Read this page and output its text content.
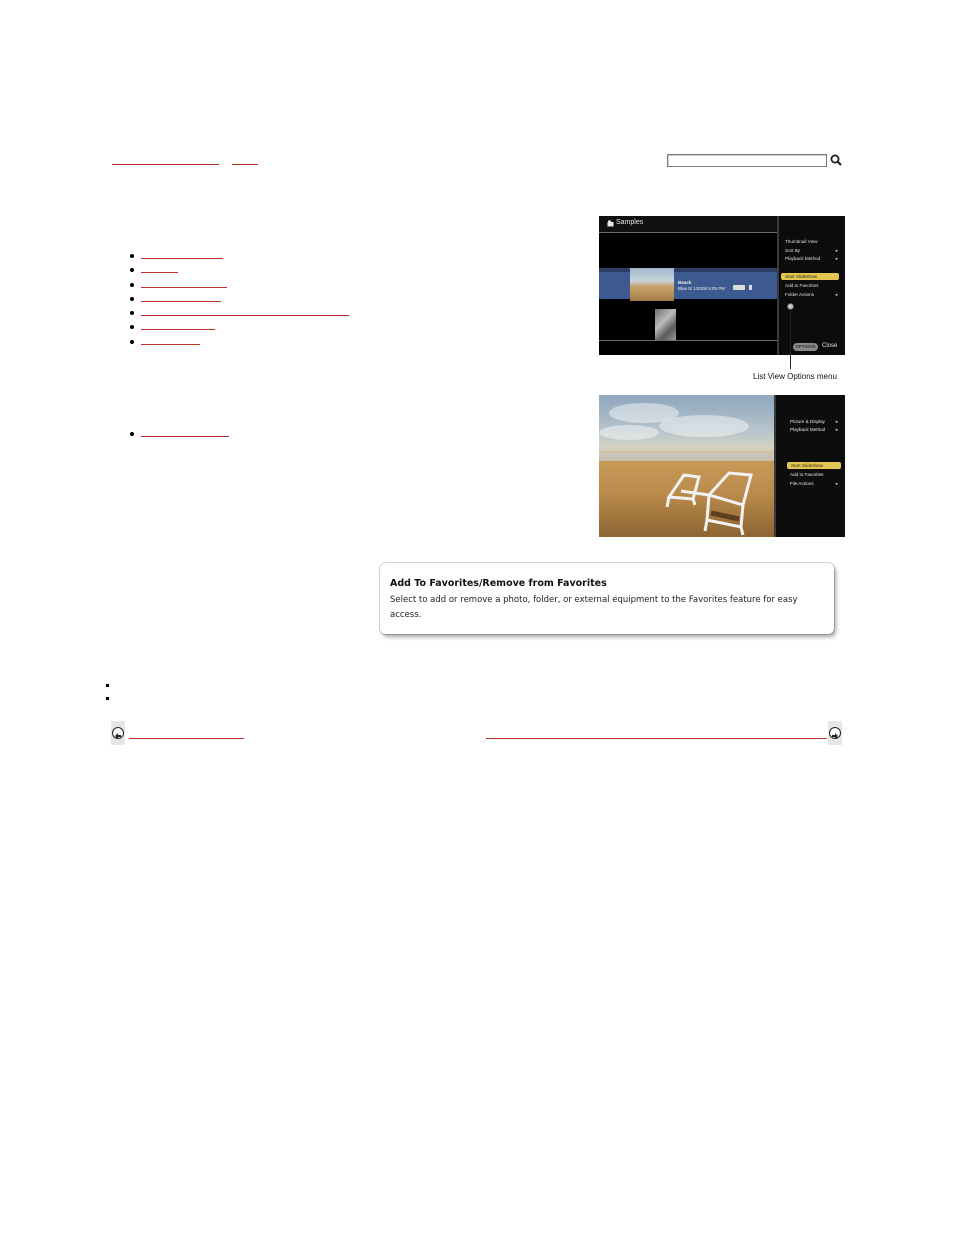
Samples
Beach
Blue 5/ 1/2008 5:05 PM
Thumbnail View
Sort By	►
Playback Method	►
Start Slideshow
Add to Favorites
Folder Actions	►
OPTIONS	Close
List View Options menu
Picture & Display	►
Playback Method ►
Start Slideshow
Add to Favorites
File Actions	►
Add To Favorites/Remove from Favorites
Select to add or remove a photo, folder, or external equipment to the Favorites feature for easy access.
